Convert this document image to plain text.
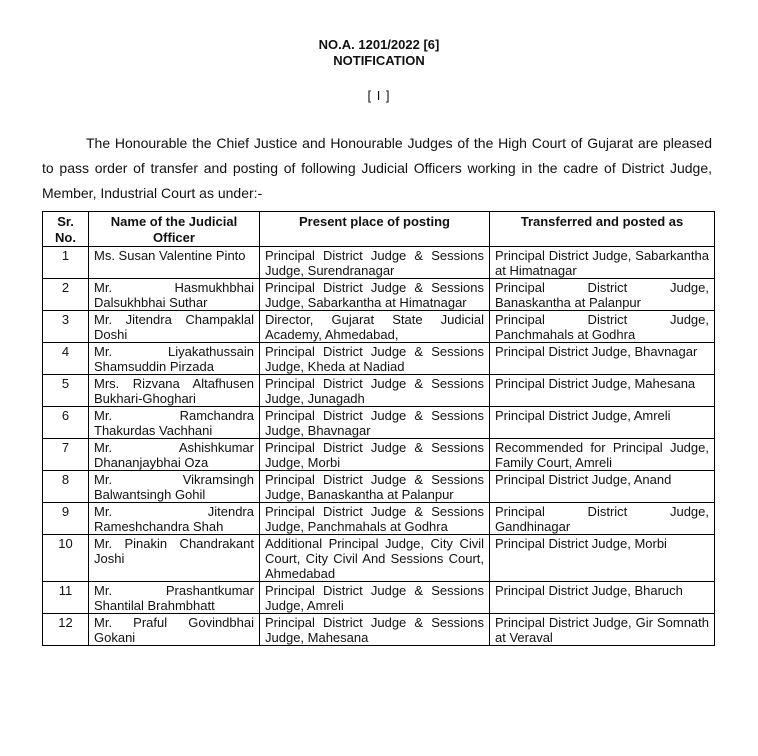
NO.A. 1201/2022 [6]
NOTIFICATION
[ I ]

The Honourable the Chief Justice and Honourable Judges of the High Court of Gujarat are pleased to pass order of transfer and posting of following Judicial Officers working in the cadre of District Judge, Member, Industrial Court as under:-

Sr. No.	Name of the Judicial Officer	Present place of posting	Transferred and posted as
1	Ms. Susan Valentine Pinto	Principal District Judge & Sessions Judge, Surendranagar	Principal District Judge, Sabarkantha at Himatnagar
2	Mr. Hasmukhbhai Dalsukhbhai Suthar	Principal District Judge & Sessions Judge, Sabarkantha at Himatnagar	Principal District Judge, Banaskantha at Palanpur
3	Mr. Jitendra Champaklal Doshi	Director, Gujarat State Judicial Academy, Ahmedabad,	Principal District Judge, Panchmahals at Godhra
4	Mr. Liyakathussain Shamsuddin Pirzada	Principal District Judge & Sessions Judge, Kheda at Nadiad	Principal District Judge, Bhavnagar
5	Mrs. Rizvana Altafhusen Bukhari-Ghoghari	Principal District Judge & Sessions Judge, Junagadh	Principal District Judge, Mahesana
6	Mr. Ramchandra Thakurdas Vachhani	Principal District Judge & Sessions Judge, Bhavnagar	Principal District Judge, Amreli
7	Mr. Ashishkumar Dhananjaybhai Oza	Principal District Judge & Sessions Judge, Morbi	Recommended for Principal Judge, Family Court, Amreli
8	Mr. Vikramsingh Balwantsingh Gohil	Principal District Judge & Sessions Judge, Banaskantha at Palanpur	Principal District Judge, Anand
9	Mr. Jitendra Rameshchandra Shah	Principal District Judge & Sessions Judge, Panchmahals at Godhra	Principal District Judge, Gandhinagar
10	Mr. Pinakin Chandrakant Joshi	Additional Principal Judge, City Civil Court, City Civil And Sessions Court, Ahmedabad	Principal District Judge, Morbi
11	Mr. Prashantkumar Shantilal Brahmbhatt	Principal District Judge & Sessions Judge, Amreli	Principal District Judge, Bharuch
12	Mr. Praful Govindbhai Gokani	Principal District Judge & Sessions Judge, Mahesana	Principal District Judge, Gir Somnath at Veraval
